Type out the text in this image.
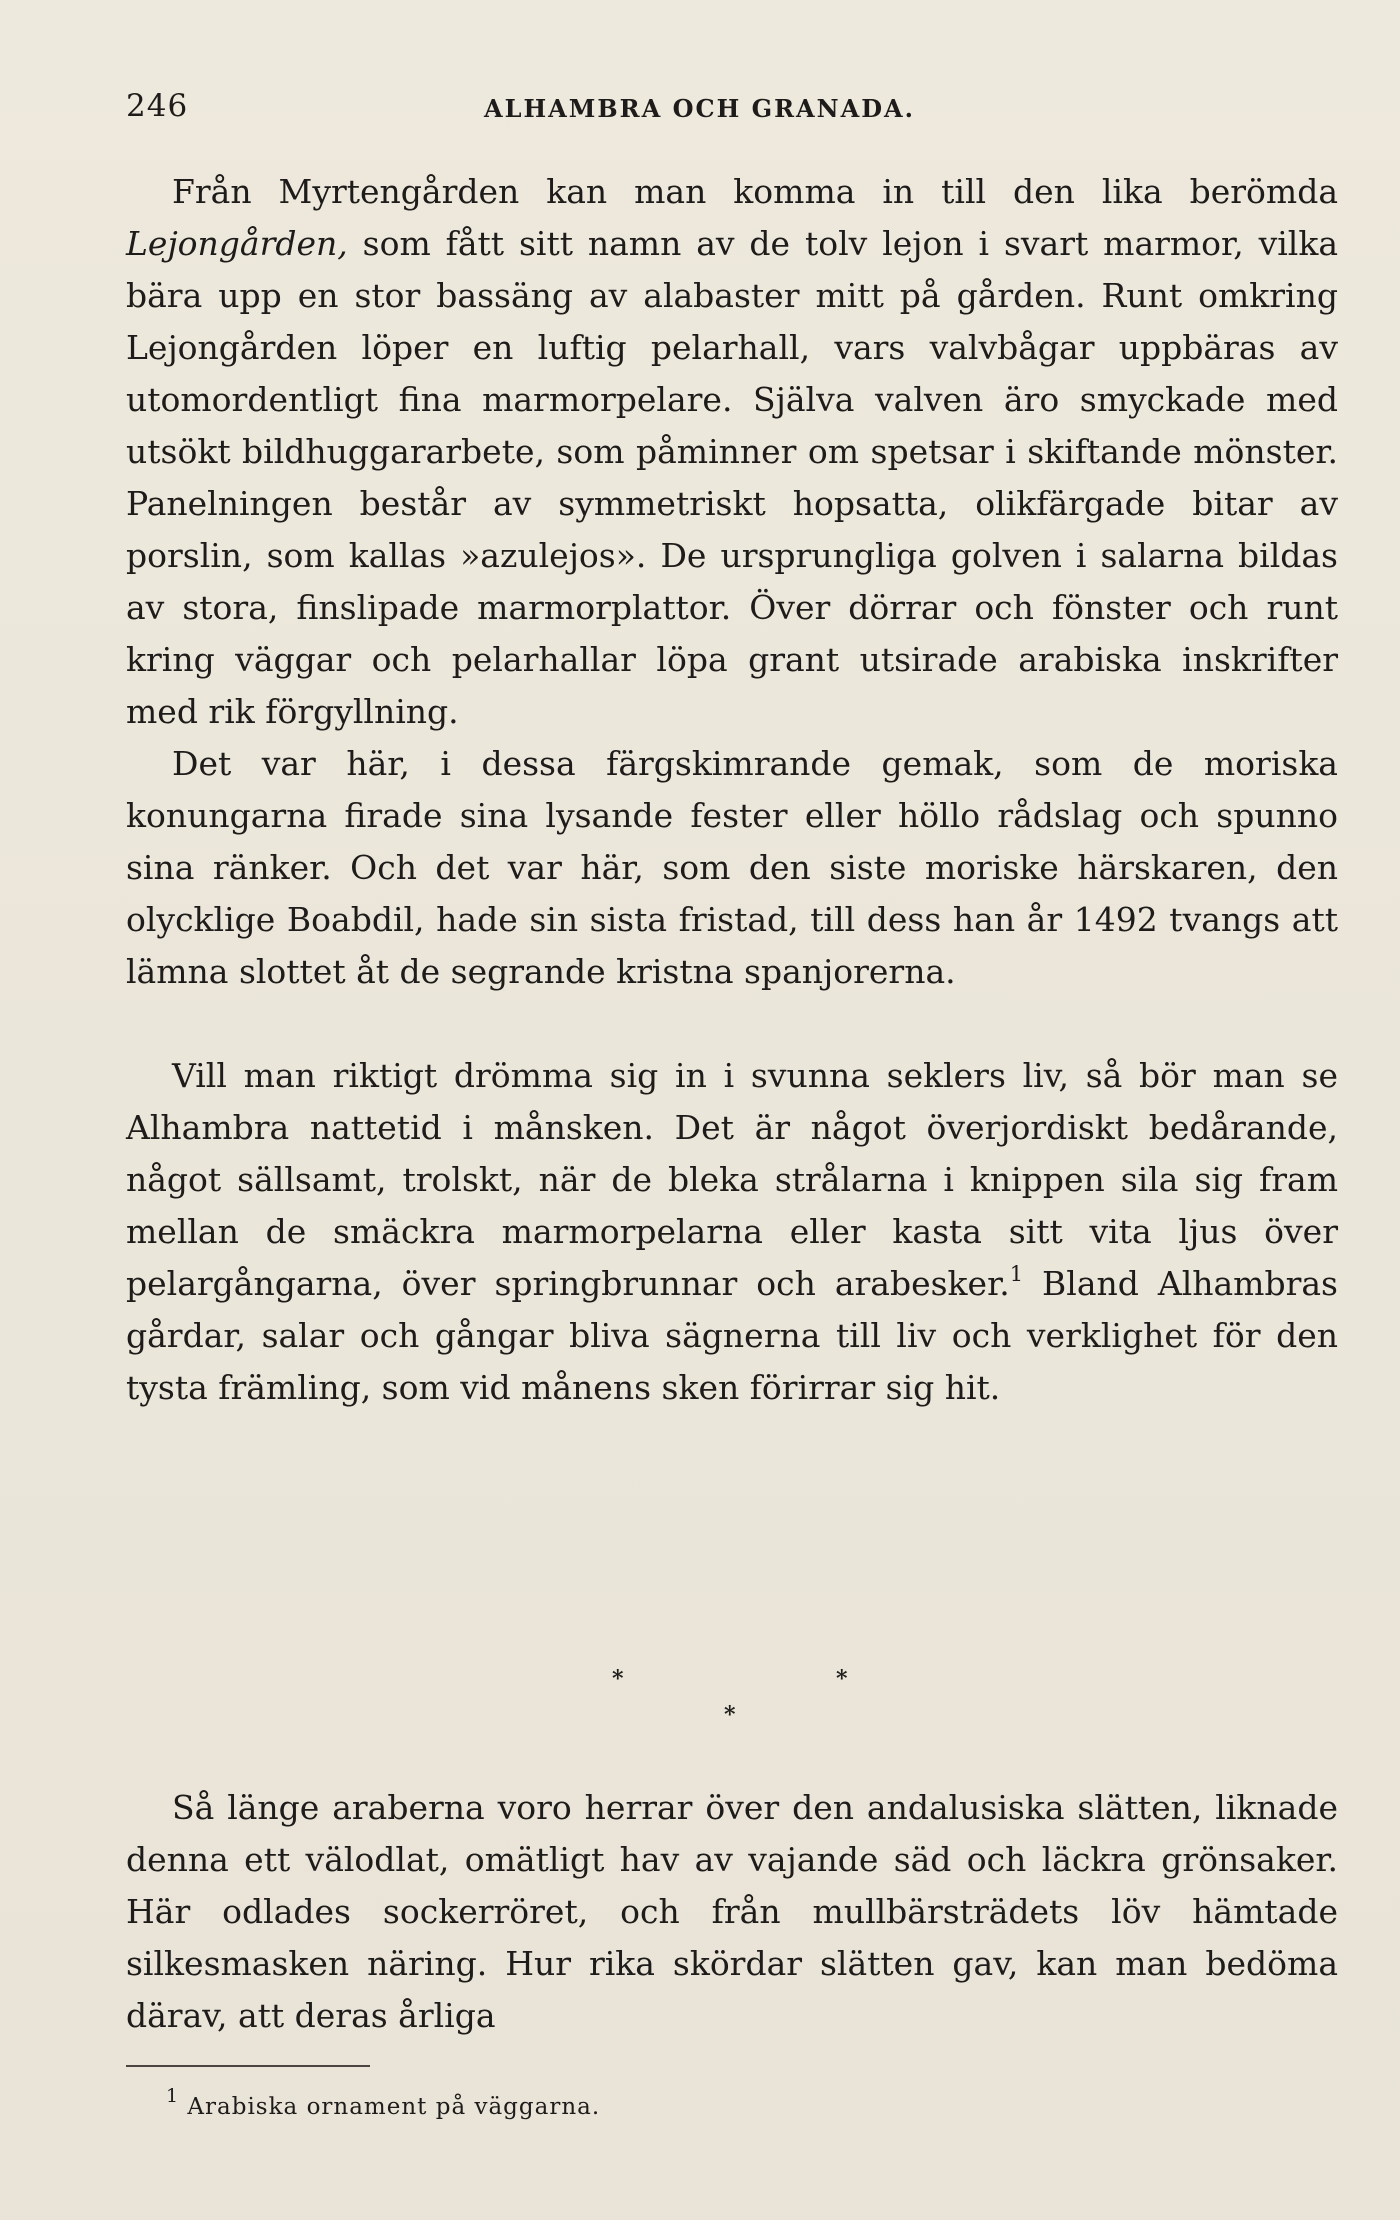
246	ALHAMBRA OCH GRANADA.

Från Myrtengården kan man komma in till den lika berömda Lejongården, som fått sitt namn av de tolv lejon i svart marmor, vilka bära upp en stor bassäng av alabaster mitt på gården. Runt omkring Lejongården löper en luftig pelarhall, vars valvbågar uppbäras av utomordentligt fina marmorpelare. Själva valven äro smyckade med utsökt bildhuggararbete, som påminner om spetsar i skiftande mönster. Panelningen består av symmetriskt hopsatta, olikfärgade bitar av porslin, som kallas »azulejos». De ursprungliga golven i salarna bildas av stora, finslipade marmorplattor. Över dörrar och fönster och runt kring väggar och pelarhallar löpa grant utsirade arabiska inskrifter med rik förgyllning.

Det var här, i dessa färgskimrande gemak, som de moriska konungarna firade sina lysande fester eller höllo rådslag och spunno sina ränker. Och det var här, som den siste moriske härskaren, den olycklige Boabdil, hade sin sista fristad, till dess han år 1492 tvangs att lämna slottet åt de segrande kristna spanjorerna.

Vill man riktigt drömma sig in i svunna seklers liv, så bör man se Alhambra nattetid i månsken. Det är något överjordiskt bedårande, något sällsamt, trolskt, när de bleka strålarna i knippen sila sig fram mellan de smäckra marmorpelarna eller kasta sitt vita ljus över pelargångarna, över springbrunnar och arabesker.$^1$ Bland Alhambras gårdar, salar och gångar bliva sägnerna till liv och verklighet för den tysta främling, som vid månens sken förirrar sig hit.

*	*
*

Så länge araberna voro herrar över den andalusiska slätten, liknade denna ett välodlat, omätligt hav av vajande säd och läckra grönsaker. Här odlades sockerröret, och från mullbärsträdets löv hämtade silkesmasken näring. Hur rika skördar slätten gav, kan man bedöma därav, att deras årliga

$^1$ Arabiska ornament på väggarna.
